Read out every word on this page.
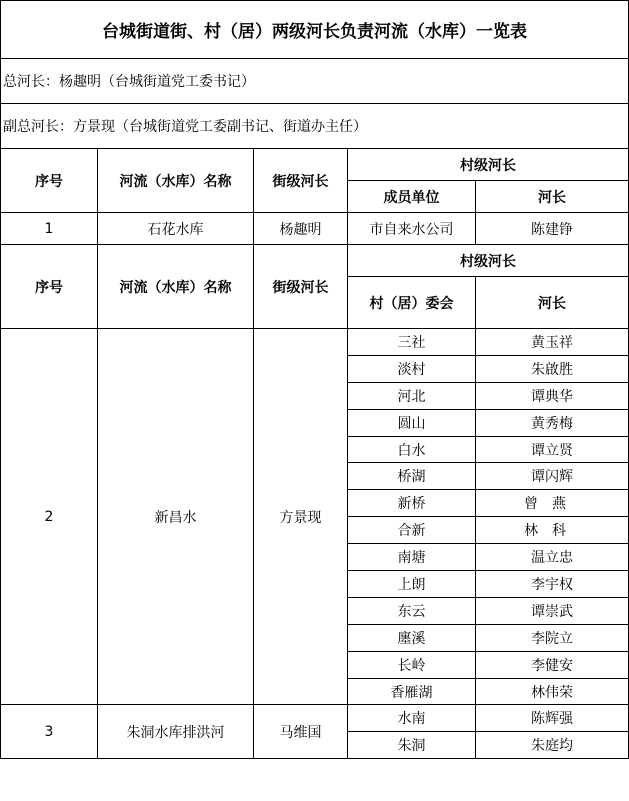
台城街道街、村（居）两级河长负责河流（水库）一览表				
总河长：杨趣明（台城街道党工委书记）				
副总河长：方景现（台城街道党工委副书记、街道办主任）				
序号	河流（水库）名称	街级河长	村级河长	
			成员单位	河长
1	石花水库	杨趣明	市自来水公司	陈建铮
序号	河流（水库）名称	街级河长	村级河长	
			村（居）委会	河长
2	新昌水	方景现	三社	黄玉祥
			淡村	朱啟胜
			河北	谭典华
			圆山	黄秀梅
			白水	谭立贤
			桥湖	谭闪辉
			新桥	曾燕
			合新	林科
			南塘	温立忠
			上朗	李宇权
			东云	谭崇武
			廛溪	李院立
			长岭	李健安
			香雁湖	林伟荣
3	朱洞水库排洪河	马维国	水南	陈辉强
			朱洞	朱庭均
